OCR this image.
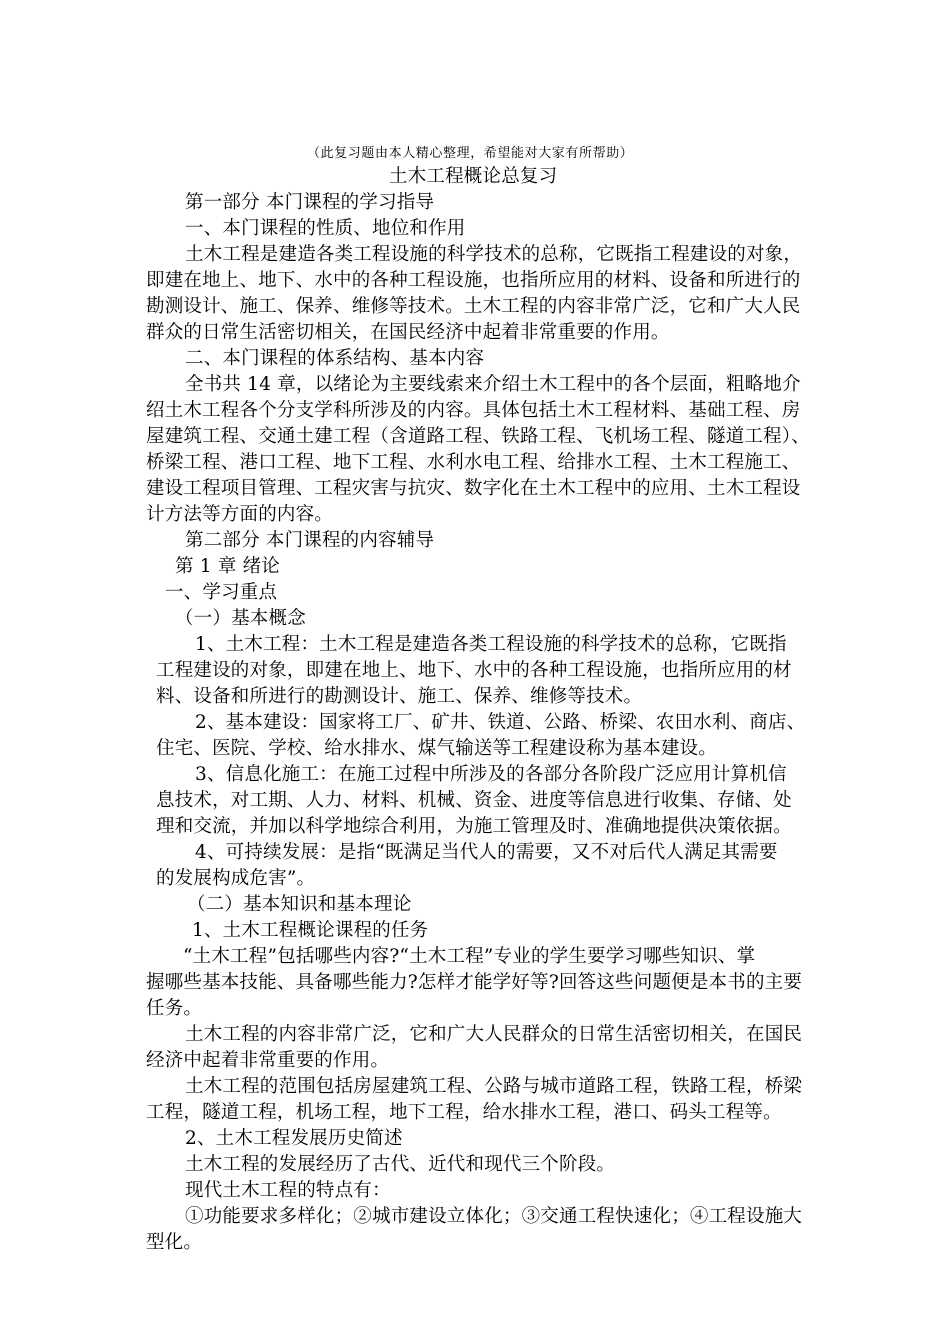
（此复习题由本人精心整理，希望能对大家有所帮助）
土木工程概论总复习
第一部分 本门课程的学习指导
一、本门课程的性质、地位和作用
土木工程是建造各类工程设施的科学技术的总称，它既指工程建设的对象，
即建在地上、地下、水中的各种工程设施，也指所应用的材料、设备和所进行的
勘测设计、施工、保养、维修等技术。土木工程的内容非常广泛，它和广大人民
群众的日常生活密切相关，在国民经济中起着非常重要的作用。
二、本门课程的体系结构、基本内容
全书共 14 章，以绪论为主要线索来介绍土木工程中的各个层面，粗略地介
绍土木工程各个分支学科所涉及的内容。具体包括土木工程材料、基础工程、房
屋建筑工程、交通土建工程（含道路工程、铁路工程、飞机场工程、隧道工程）、
桥梁工程、港口工程、地下工程、水利水电工程、给排水工程、土木工程施工、
建设工程项目管理、工程灾害与抗灾、数字化在土木工程中的应用、土木工程设
计方法等方面的内容。
第二部分 本门课程的内容辅导
第 1 章 绪论
一、学习重点
（一）基本概念
1、土木工程：土木工程是建造各类工程设施的科学技术的总称，它既指
工程建设的对象，即建在地上、地下、水中的各种工程设施，也指所应用的材
料、设备和所进行的勘测设计、施工、保养、维修等技术。
2、基本建设：国家将工厂、矿井、铁道、公路、桥梁、农田水利、商店、
住宅、医院、学校、给水排水、煤气输送等工程建设称为基本建设。
3、信息化施工：在施工过程中所涉及的各部分各阶段广泛应用计算机信
息技术，对工期、人力、材料、机械、资金、进度等信息进行收集、存储、处
理和交流，并加以科学地综合利用，为施工管理及时、准确地提供决策依据。
4、可持续发展：是指“既满足当代人的需要，又不对后代人满足其需要
的发展构成危害”。
（二）基本知识和基本理论
1、土木工程概论课程的任务
“土木工程”包括哪些内容?“土木工程”专业的学生要学习哪些知识、掌
握哪些基本技能、具备哪些能力?怎样才能学好等?回答这些问题便是本书的主要
任务。
土木工程的内容非常广泛，它和广大人民群众的日常生活密切相关，在国民
经济中起着非常重要的作用。
土木工程的范围包括房屋建筑工程、公路与城市道路工程，铁路工程，桥梁
工程，隧道工程，机场工程，地下工程，给水排水工程，港口、码头工程等。
2、土木工程发展历史简述
土木工程的发展经历了古代、近代和现代三个阶段。
现代土木工程的特点有：
①功能要求多样化；②城市建设立体化；③交通工程快速化；④工程设施大
型化。
